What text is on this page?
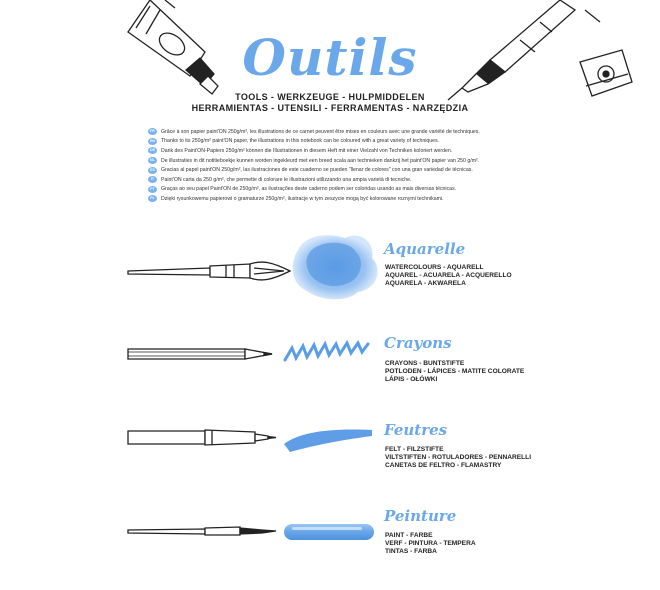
Outils
TOOLS - WERKZEUGE - HULPMIDDELEN
HERRAMIENTAS - UTENSILI - FERRAMENTAS - NARZĘDZIA
FR	Grâce à son papier paint'ON 250g/m², les illustrations de ce carnet peuvent être mises en couleurs avec une grande variété de techniques.
EN	Thanks to its 250g/m² paint'ON paper, the illustrations in this notebook can be coloured with a great variety of techniques.
DE	Dank des Paint'ON-Papiers 250g/m² können die Illustrationen in diesem Heft mit einer Vielzahl von Techniken koloriert werden.
NL	De illustraties in dit notitieboekje kunnen worden ingekleurd met een breed scala aan technieken dankzij het paint'ON papier van 250 g/m².
ES	Gracias al papel paint'ON 250g/m², las ilustraciones de este cuaderno se pueden "llenar de colores" con una gran variedad de técnicas.
IT	Paint'ON carta da 250 g/m², che permette di colorare le illustrazioni utilizzando una ampia varietà di tecniche.
PT	Graças ao seu papel Paint'ON de 250g/m², as ilustrações deste caderno podem ser coloridas usando as mais diversas técnicas.
PL	Dzięki rysunkowemu papierowi o gramaturze 250g/m², ilustracje w tym zeszycie mogą być kolorowane roznymi technikami.
Aquarelle
WATERCOLOURS - AQUARELL
AQUAREL - ACUARELA - ACQUERELLO
AQUARELA - AKWARELA
Crayons
CRAYONS - BUNTSTIFTE
POTLODEN - LÁPICES - MATITE COLORATE
LÁPIS - OŁÓWKI
Feutres
FELT - FILZSTIFTE
VILTSTIFTEN - ROTULADORES - PENNARELLI
CANETAS DE FELTRO - FLAMASTRY
Peinture
PAINT - FARBE
VERF - PINTURA - TEMPERA
TINTAS - FARBA
